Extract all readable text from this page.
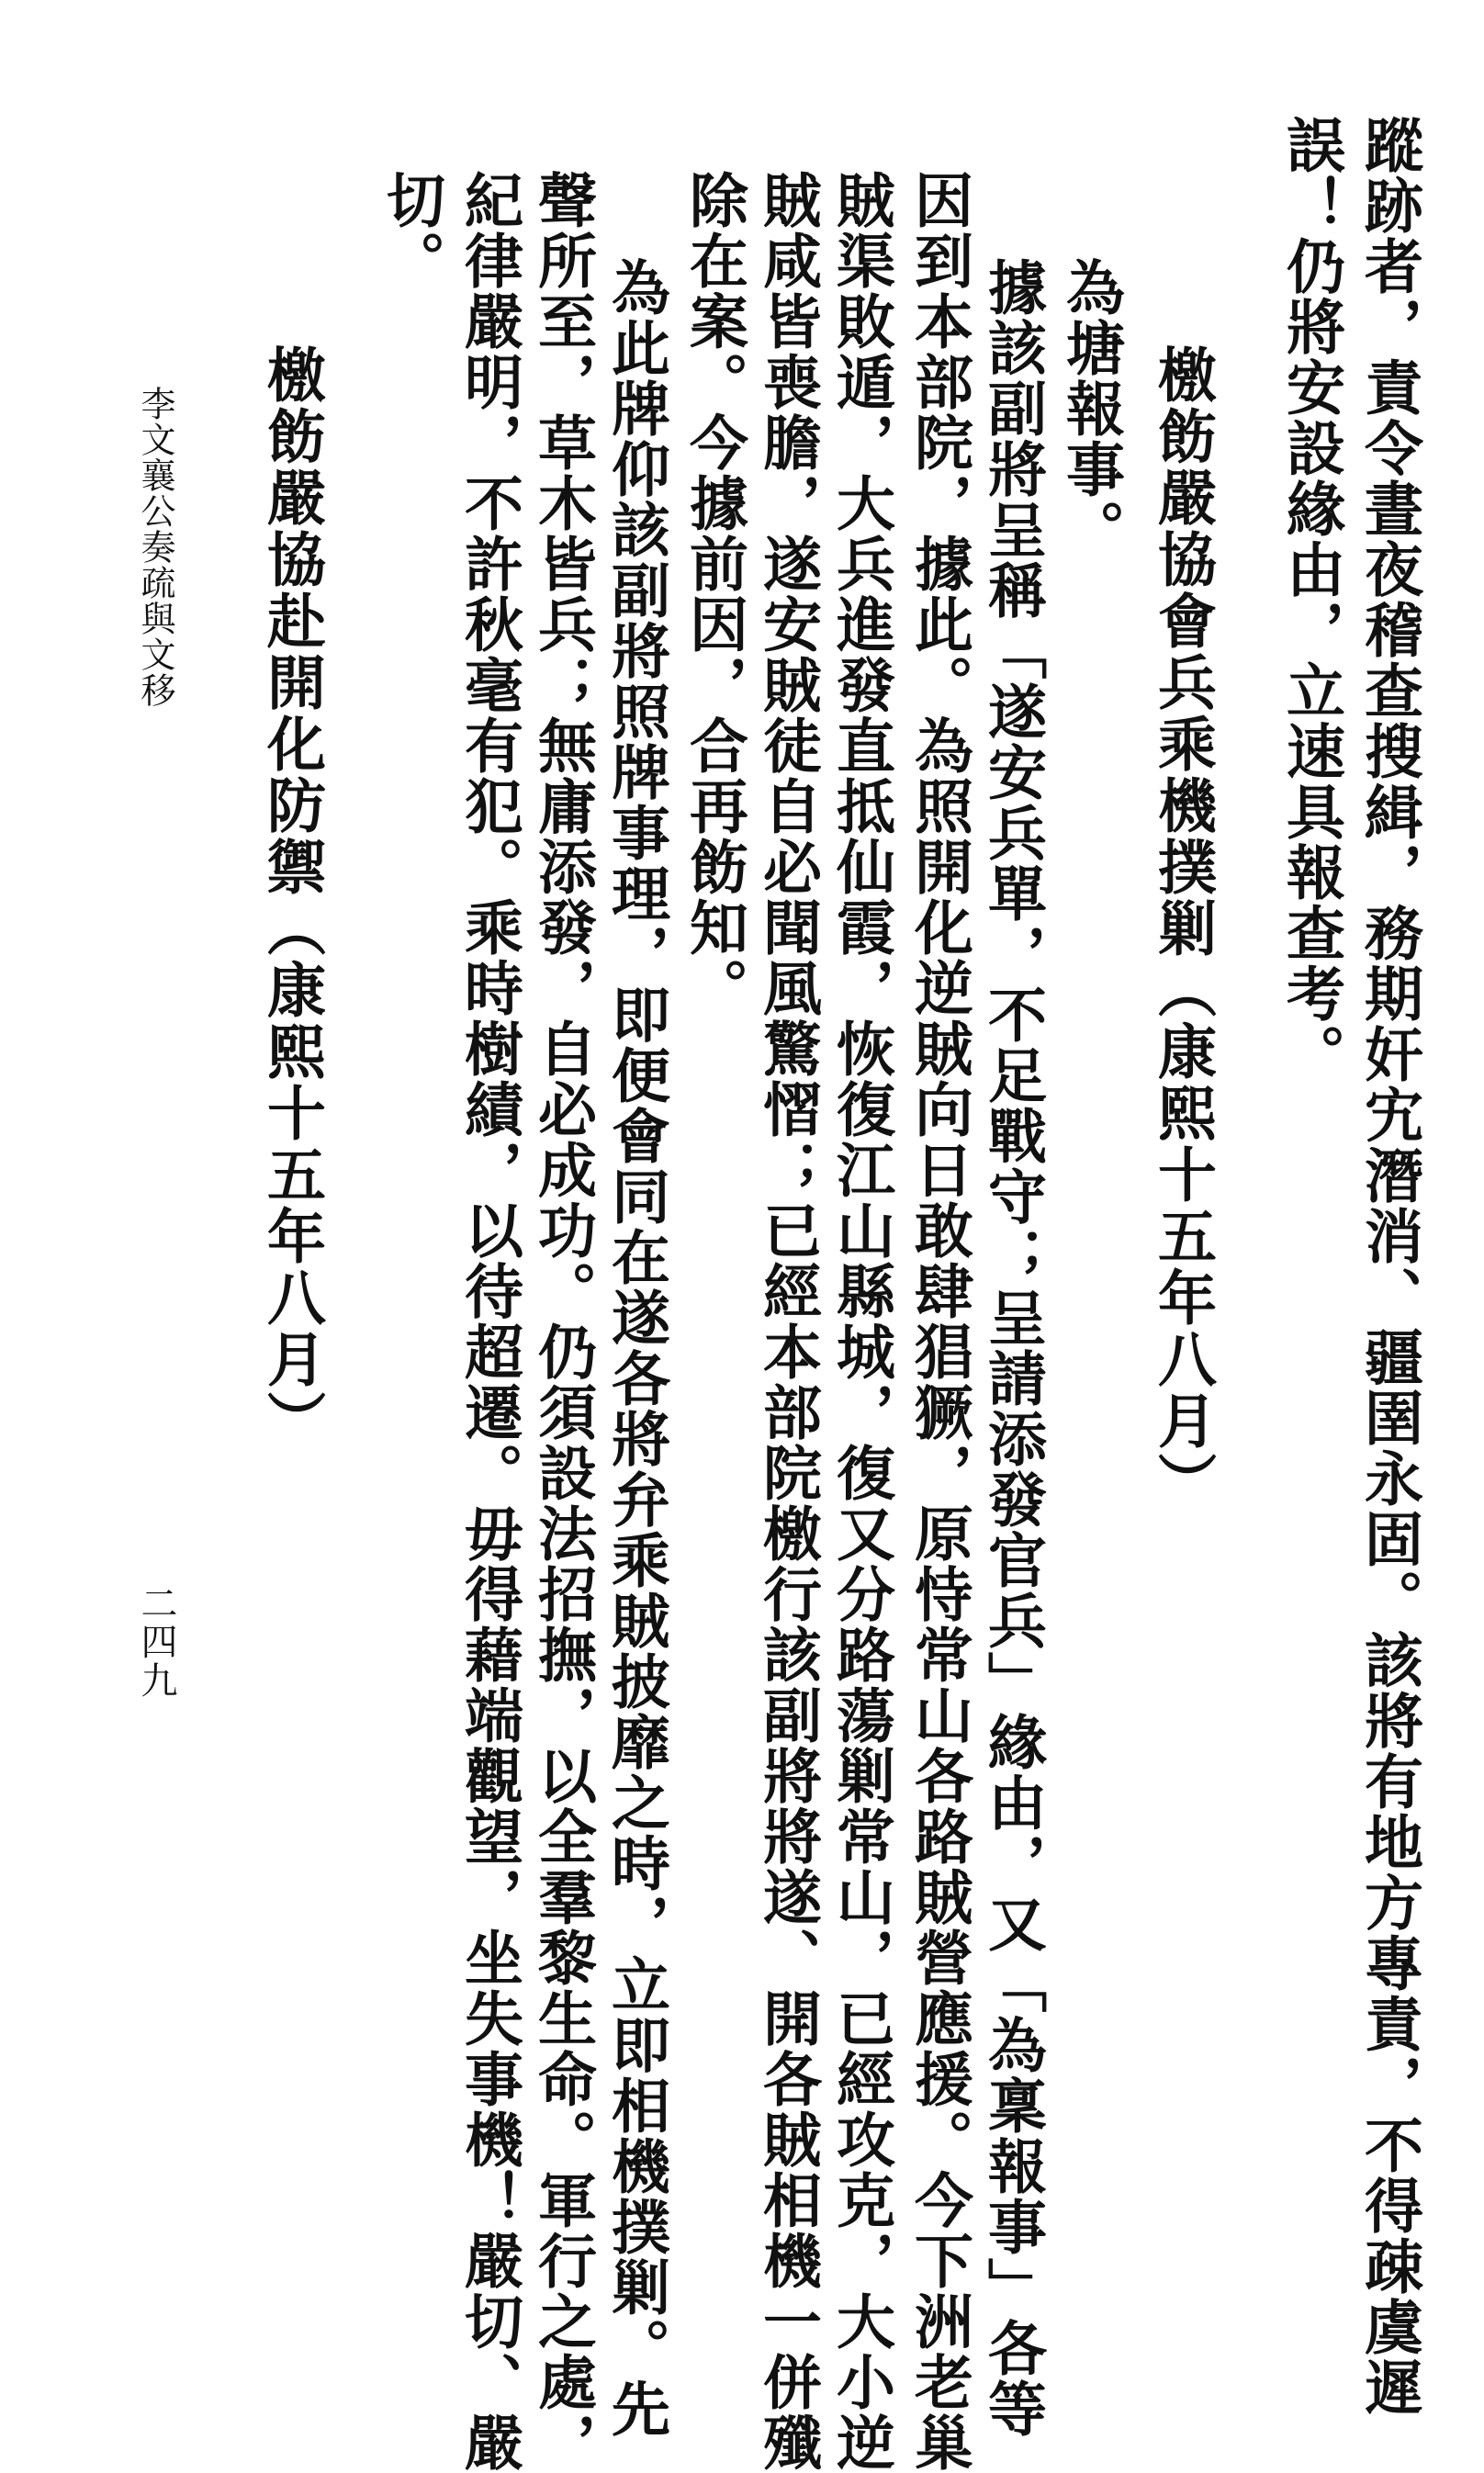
蹤跡者，責令晝夜稽查搜緝，務期奸宄潛消、疆圉永固。該將有地方專責，不得疎虞遲
誤！仍將安設緣由，立速具報查考。
檄飭嚴協會兵乘機撲剿（康熙十五年八月）
為塘報事。
據該副將呈稱「遂安兵單，不足戰守；呈請添發官兵」緣由，又「為稟報事」各等
因到本部院，據此。為照開化逆賊向日敢肆猖獗，原恃常山各路賊營應援。今下洲老巢
賊渠敗遁，大兵進發直抵仙霞，恢復江山縣城，復又分路蕩剿常山，已經攻克，大小逆
賊咸皆喪膽，遂安賊徒自必聞風驚慴；已經本部院檄行該副將將遂、開各賊相機一併殲
除在案。今據前因，合再飭知。
為此牌仰該副將照牌事理，即便會同在遂各將弁乘賊披靡之時，立即相機撲剿。先
聲所至，草木皆兵；無庸添發，自必成功。仍須設法招撫，以全羣黎生命。軍行之處，
紀律嚴明，不許秋毫有犯。乘時樹績，以待超遷。毋得藉端觀望，坐失事機！嚴切、嚴
切。
檄飭嚴協赴開化防禦（康熙十五年八月）
李文襄公奏疏與文移
二四九
